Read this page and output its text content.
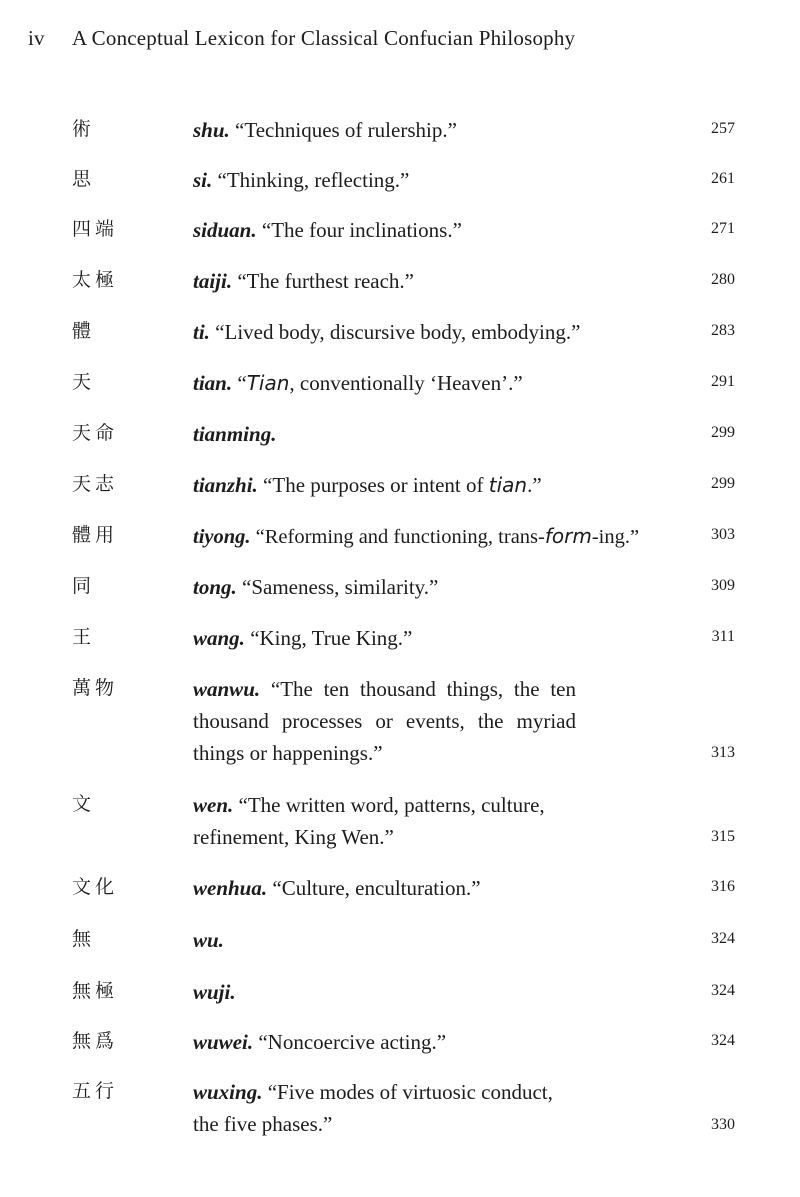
iv A Conceptual Lexicon for Classical Confucian Philosophy
術	shu. “Techniques of rulership.”	257
思	si. “Thinking, reflecting.”	261
四端	siduan. “The four inclinations.”	271
太極	taiji. “The furthest reach.”	280
體	ti. “Lived body, discursive body, embodying.”	283
天	tian. “Tian, conventionally ‘Heaven’.”	291
天命	tianming.	299
天志	tianzhi. “The purposes or intent of tian.”	299
體用	tiyong. “Reforming and functioning, trans-form-ing.”	303
同	tong. “Sameness, similarity.”	309
王	wang. “King, True King.”	311
萬物	wanwu. “The ten thousand things, the ten
thousand processes or events, the myriad
things or happenings.”	313
文	wen. “The written word, patterns, culture,
refinement, King Wen.”	315
文化	wenhua. “Culture, enculturation.”	316
無	wu.	324
無極	wuji.	324
無爲	wuwei. “Noncoercive acting.”	324
五行	wuxing. “Five modes of virtuosic conduct,
the five phases.”	330
